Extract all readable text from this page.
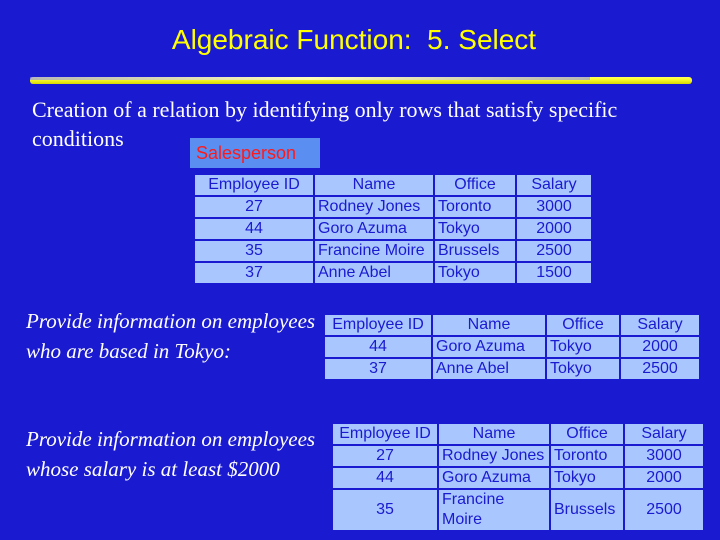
Algebraic Function:  5. Select
Creation of a relation by identifying only rows that satisfy specific conditions
Salesperson
Employee ID	Name	Office	Salary
27	Rodney Jones	Toronto	3000
44	Goro Azuma	Tokyo	2000
35	Francine Moire	Brussels	2500
37	Anne Abel	Tokyo	1500
Provide information on employees who are based in Tokyo:
Employee ID	Name	Office	Salary
44	Goro Azuma	Tokyo	2000
37	Anne Abel	Tokyo	2500
Provide information on employees whose salary is at least $2000
Employee ID	Name	Office	Salary
27	Rodney Jones	Toronto	3000
44	Goro Azuma	Tokyo	2000
35	Francine Moire	Brussels	2500
